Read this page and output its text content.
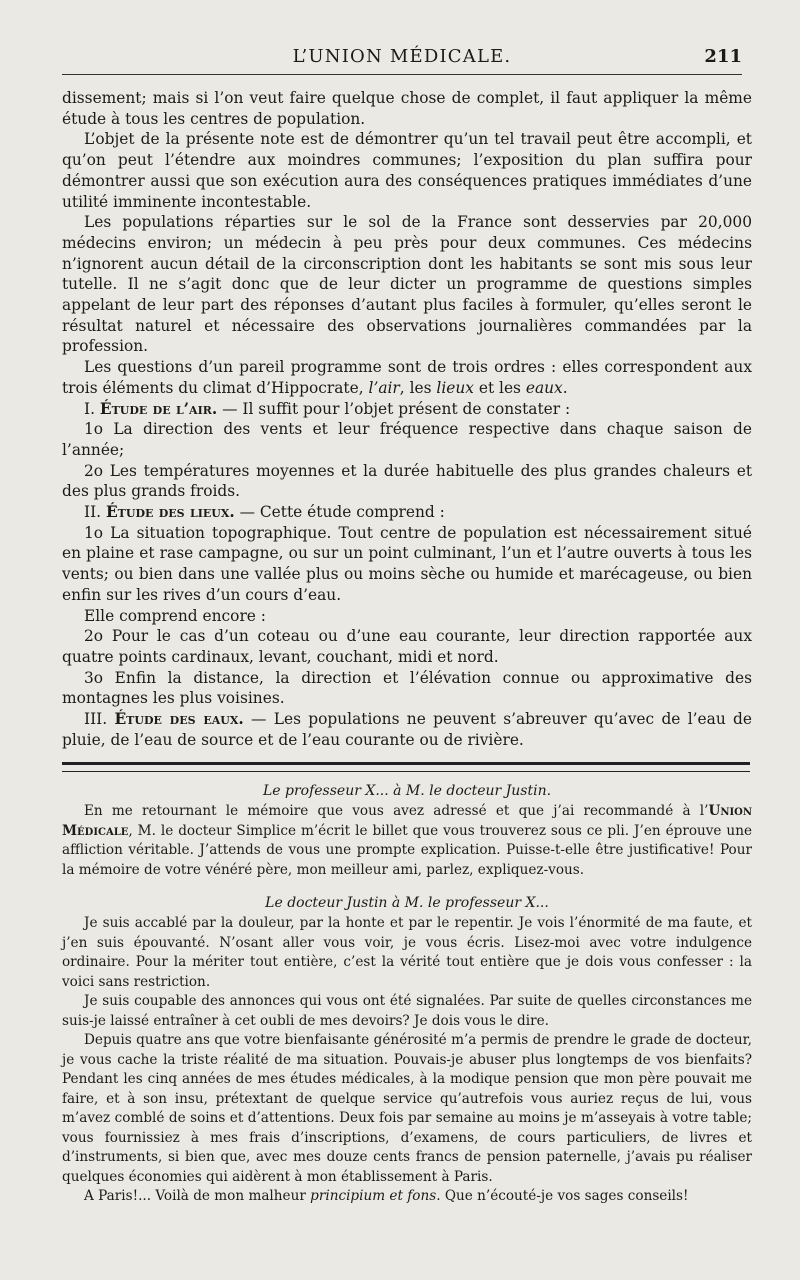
L’UNION MÉDICALE.	211

dissement; mais si l’on veut faire quelque chose de complet, il faut appliquer la même étude à tous les centres de population.

L’objet de la présente note est de démontrer qu’un tel travail peut être accompli, et qu’on peut l’étendre aux moindres communes; l’exposition du plan suffira pour démontrer aussi que son exécution aura des conséquences pratiques immédiates d’une utilité imminente incontestable.

Les populations réparties sur le sol de la France sont desservies par 20,000 médecins environ; un médecin à peu près pour deux communes. Ces médecins n’ignorent aucun détail de la circonscription dont les habitants se sont mis sous leur tutelle. Il ne s’agit donc que de leur dicter un programme de questions simples appelant de leur part des réponses d’autant plus faciles à formuler, qu’elles seront le résultat naturel et nécessaire des observations journalières commandées par la profession.

Les questions d’un pareil programme sont de trois ordres : elles correspondent aux trois éléments du climat d’Hippocrate, l’air, les lieux et les eaux.

I. Étude de l’air. — Il suffit pour l’objet présent de constater :

1o La direction des vents et leur fréquence respective dans chaque saison de l’année;

2o Les températures moyennes et la durée habituelle des plus grandes chaleurs et des plus grands froids.

II. Étude des lieux. — Cette étude comprend :

1o La situation topographique. Tout centre de population est nécessairement situé en plaine et rase campagne, ou sur un point culminant, l’un et l’autre ouverts à tous les vents; ou bien dans une vallée plus ou moins sèche ou humide et marécageuse, ou bien enfin sur les rives d’un cours d’eau.

Elle comprend encore :

2o Pour le cas d’un coteau ou d’une eau courante, leur direction rapportée aux quatre points cardinaux, levant, couchant, midi et nord.

3o Enfin la distance, la direction et l’élévation connue ou approximative des montagnes les plus voisines.

III. Étude des eaux. — Les populations ne peuvent s’abreuver qu’avec de l’eau de pluie, de l’eau de source et de l’eau courante ou de rivière.

Le professeur X... à M. le docteur Justin.

En me retournant le mémoire que vous avez adressé et que j’ai recommandé à l’Union Médicale, M. le docteur Simplice m’écrit le billet que vous trouverez sous ce pli. J’en éprouve une affliction véritable. J’attends de vous une prompte explication. Puisse-t-elle être justificative! Pour la mémoire de votre vénéré père, mon meilleur ami, parlez, expliquez-vous.

Le docteur Justin à M. le professeur X...

Je suis accablé par la douleur, par la honte et par le repentir. Je vois l’énormité de ma faute, et j’en suis épouvanté. N’osant aller vous voir, je vous écris. Lisez-moi avec votre indulgence ordinaire. Pour la mériter tout entière, c’est la vérité tout entière que je dois vous confesser : la voici sans restriction.

Je suis coupable des annonces qui vous ont été signalées. Par suite de quelles circonstances me suis-je laissé entraîner à cet oubli de mes devoirs? Je dois vous le dire.

Depuis quatre ans que votre bienfaisante générosité m’a permis de prendre le grade de docteur, je vous cache la triste réalité de ma situation. Pouvais-je abuser plus longtemps de vos bienfaits? Pendant les cinq années de mes études médicales, à la modique pension que mon père pouvait me faire, et à son insu, prétextant de quelque service qu’autrefois vous auriez reçus de lui, vous m’avez comblé de soins et d’attentions. Deux fois par semaine au moins je m’asseyais à votre table; vous fournissiez à mes frais d’inscriptions, d’examens, de cours particuliers, de livres et d’instruments, si bien que, avec mes douze cents francs de pension paternelle, j’avais pu réaliser quelques économies qui aidèrent à mon établissement à Paris.

A Paris!... Voilà de mon malheur principium et fons. Que n’écouté-je vos sages conseils!
